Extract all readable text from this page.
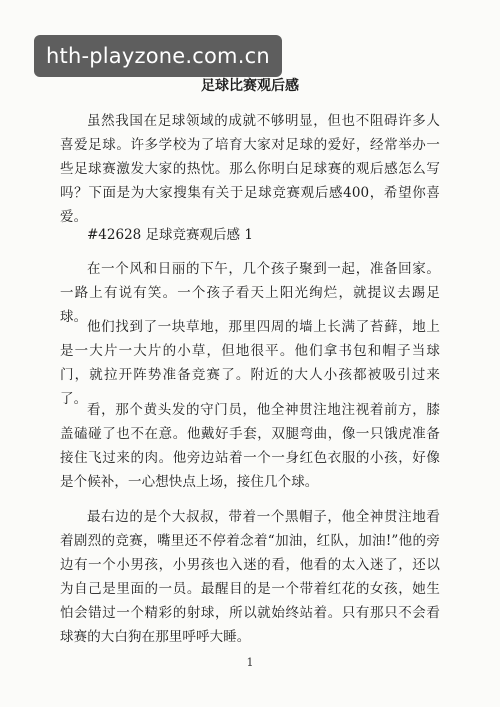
hth-playzone.com.cn
足球比赛观后感

虽然我国在足球领域的成就不够明显，但也不阻碍许多人喜爱足球。许多学校为了培育大家对足球的爱好，经常举办一些足球赛激发大家的热忱。那么你明白足球赛的观后感怎么写吗？下面是为大家搜集有关于足球竞赛观后感400，希望你喜爱。

#42628 足球竞赛观后感 1

在一个风和日丽的下午，几个孩子聚到一起，准备回家。一路上有说有笑。一个孩子看天上阳光绚烂，就提议去踢足球。

他们找到了一块草地，那里四周的墙上长满了苔藓，地上是一大片一大片的小草，但地很平。他们拿书包和帽子当球门，就拉开阵势准备竞赛了。附近的大人小孩都被吸引过来了。

看，那个黄头发的守门员，他全神贯注地注视着前方，膝盖磕碰了也不在意。他戴好手套，双腿弯曲，像一只饿虎准备接住飞过来的肉。他旁边站着一个一身红色衣服的小孩，好像是个候补，一心想快点上场，接住几个球。

最右边的是个大叔叔，带着一个黑帽子，他全神贯注地看着剧烈的竞赛，嘴里还不停着念着“加油，红队，加油!”他的旁边有一个小男孩，小男孩也入迷的看，他看的太入迷了，还以为自己是里面的一员。最醒目的是一个带着红花的女孩，她生怕会错过一个精彩的射球，所以就始终站着。只有那只不会看球赛的大白狗在那里呼呼大睡。

1
